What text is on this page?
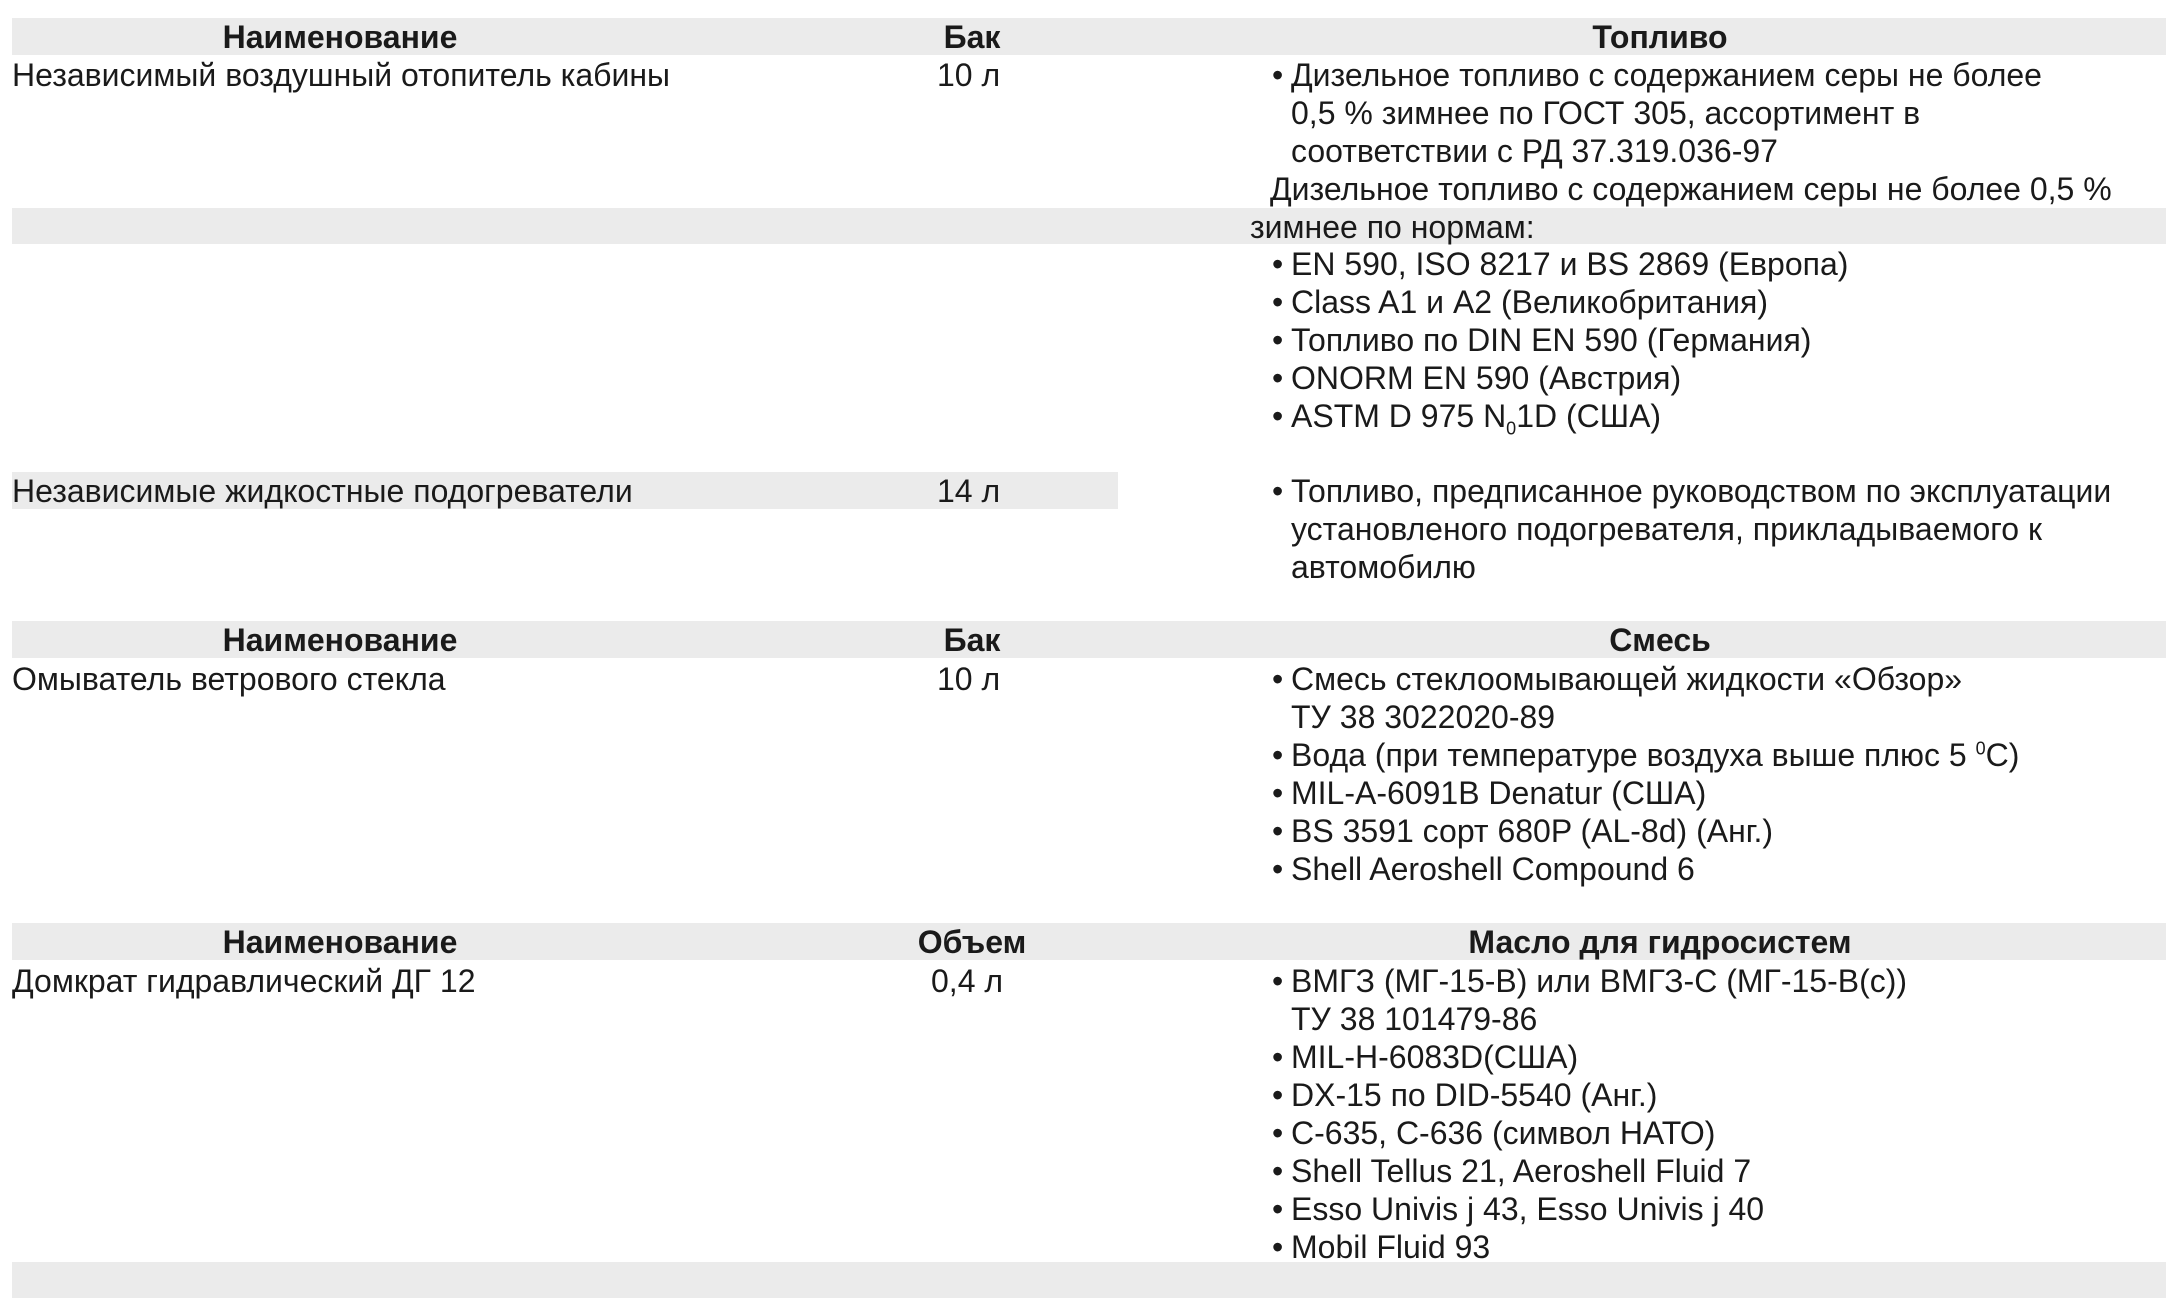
Наименование	Бак	Топливо
Независимый воздушный отопитель кабины	10 л	• Дизельное топливо с содержанием серы не более
0,5 % зимнее по ГОСТ 305, ассортимент в
соответствии с РД 37.319.036-97
Дизельное топливо с содержанием серы не более 0,5 %
зимнее по нормам:
• EN 590, ISO 8217 и BS 2869 (Европа)
• Class A1 и A2 (Великобритания)
• Топливо по DIN EN 590 (Германия)
• ONORM EN 590 (Австрия)
• ASTM D 975 $N_01D$ (США)
Независимые жидкостные подогреватели	14 л	• Топливо, предписанное руководством по эксплуатации
установленого подогревателя, прикладываемого к
автомобилю
Наименование	Бак	Смесь
Омыватель ветрового стекла	10 л	• Смесь стеклоомывающей жидкости «Обзор»
ТУ 38 3022020-89
• Вода (при температуре воздуха выше плюс 5 $^0$С)
• MIL-A-6091B Denatur (США)
• BS 3591 сорт 680P (AL-8d) (Анг.)
• Shell Aeroshell Compound 6
Наименование	Объем	Масло для гидросистем
Домкрат гидравлический ДГ 12	0,4 л	• ВМГЗ (МГ-15-В) или ВМГЗ-С (МГ-15-В(с))
ТУ 38 101479-86
• MIL-H-6083D(США)
• DX-15 по DID-5540 (Анг.)
• С-635, С-636 (символ НАТО)
• Shell Tellus 21, Aeroshell Fluid 7
• Esso Univis j 43, Esso Univis j 40
• Mobil Fluid 93
